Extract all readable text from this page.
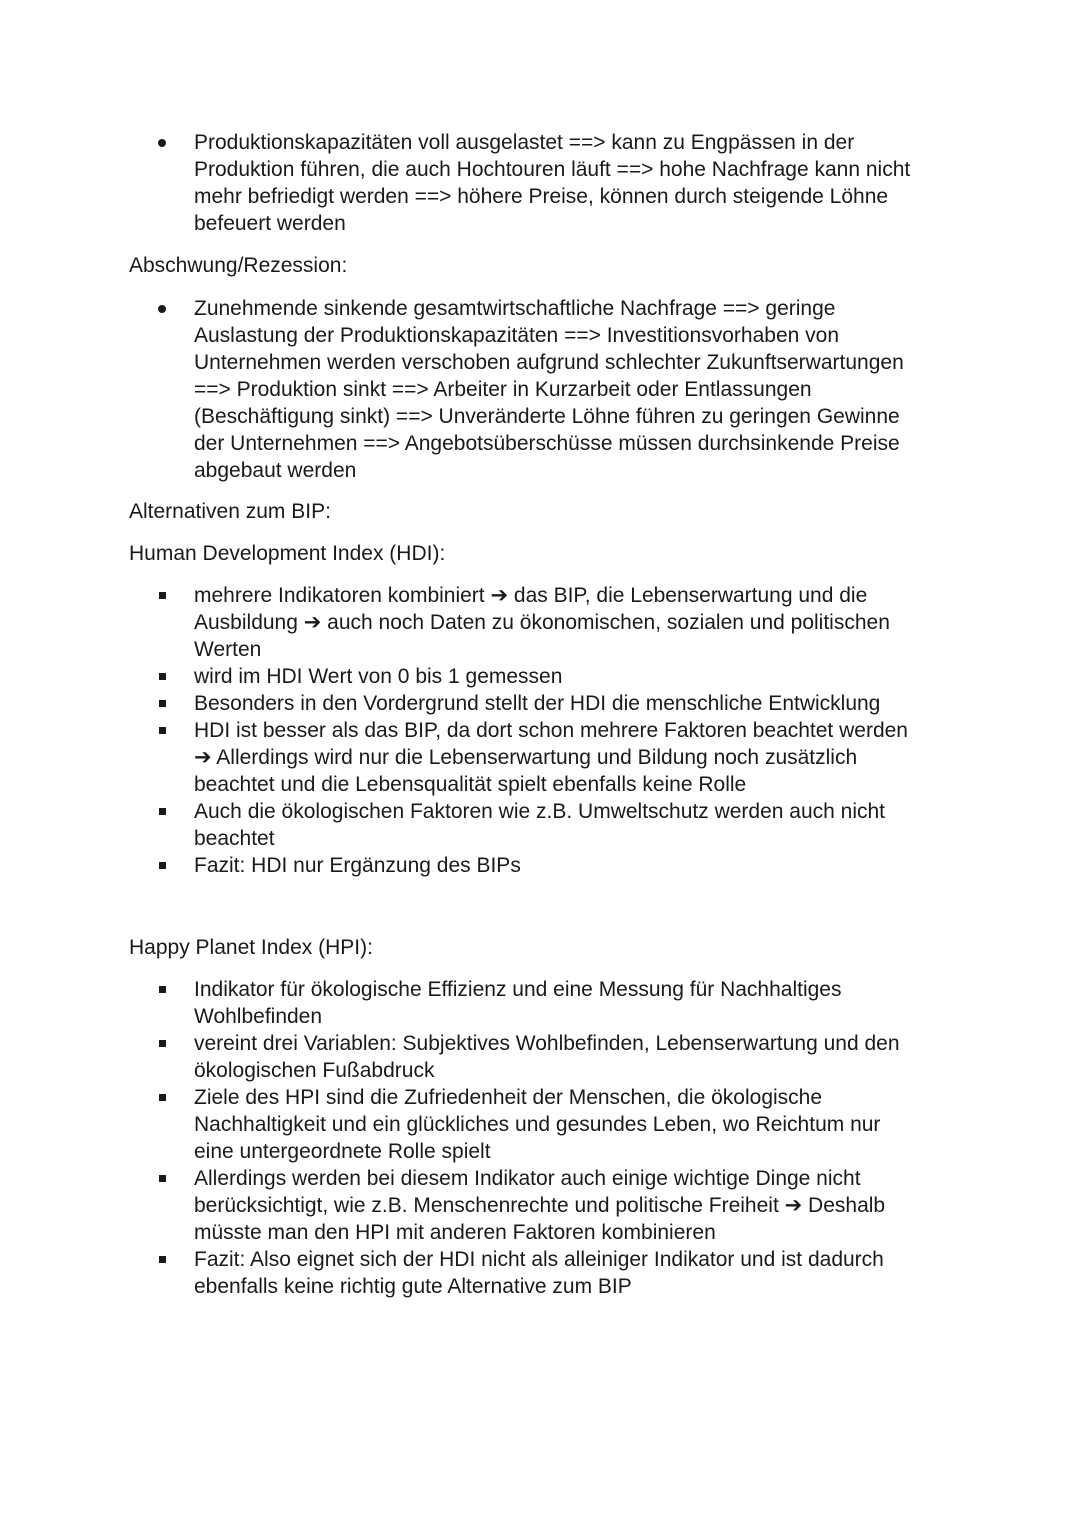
Produktionskapazitäten voll ausgelastet ==> kann zu Engpässen in der
Produktion führen, die auch Hochtouren läuft ==> hohe Nachfrage kann nicht
mehr befriedigt werden ==> höhere Preise, können durch steigende Löhne
befeuert werden
Abschwung/Rezession:
Zunehmende sinkende gesamtwirtschaftliche Nachfrage ==> geringe
Auslastung der Produktionskapazitäten ==> Investitionsvorhaben von
Unternehmen werden verschoben aufgrund schlechter Zukunftserwartungen
==> Produktion sinkt ==> Arbeiter in Kurzarbeit oder Entlassungen
(Beschäftigung sinkt) ==> Unveränderte Löhne führen zu geringen Gewinne
der Unternehmen ==> Angebotsüberschüsse müssen durchsinkende Preise
abgebaut werden
Alternativen zum BIP:
Human Development Index (HDI):
mehrere Indikatoren kombiniert ➔ das BIP, die Lebenserwartung und die
Ausbildung ➔ auch noch Daten zu ökonomischen, sozialen und politischen
Werten
wird im HDI Wert von 0 bis 1 gemessen
Besonders in den Vordergrund stellt der HDI die menschliche Entwicklung
HDI ist besser als das BIP, da dort schon mehrere Faktoren beachtet werden
➔ Allerdings wird nur die Lebenserwartung und Bildung noch zusätzlich
beachtet und die Lebensqualität spielt ebenfalls keine Rolle
Auch die ökologischen Faktoren wie z.B. Umweltschutz werden auch nicht
beachtet
Fazit: HDI nur Ergänzung des BIPs
Happy Planet Index (HPI):
Indikator für ökologische Effizienz und eine Messung für Nachhaltiges
Wohlbefinden
vereint drei Variablen: Subjektives Wohlbefinden, Lebenserwartung und den
ökologischen Fußabdruck
Ziele des HPI sind die Zufriedenheit der Menschen, die ökologische
Nachhaltigkeit und ein glückliches und gesundes Leben, wo Reichtum nur
eine untergeordnete Rolle spielt
Allerdings werden bei diesem Indikator auch einige wichtige Dinge nicht
berücksichtigt, wie z.B. Menschenrechte und politische Freiheit ➔ Deshalb
müsste man den HPI mit anderen Faktoren kombinieren
Fazit: Also eignet sich der HDI nicht als alleiniger Indikator und ist dadurch
ebenfalls keine richtig gute Alternative zum BIP
